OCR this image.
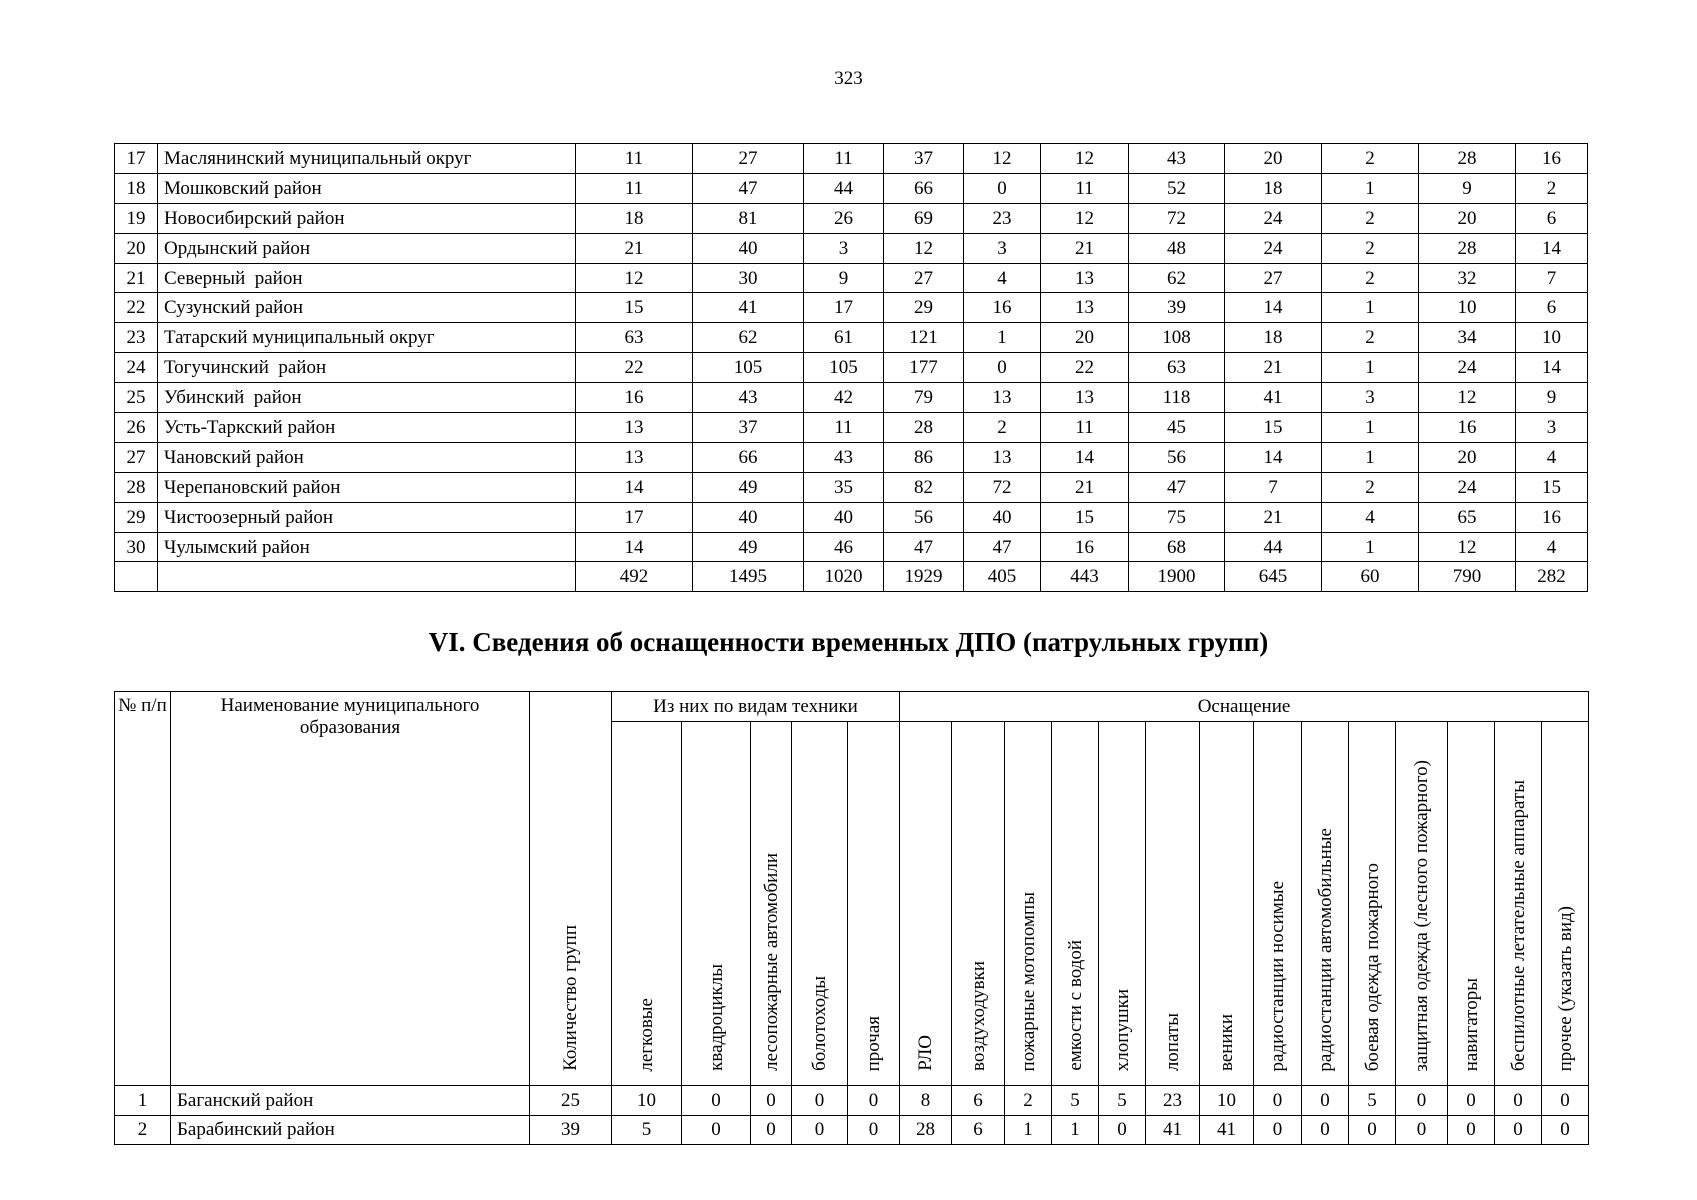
323
17	Маслянинский муниципальный округ	11	27	11	37	12	12	43	20	2	28	16
18	Мошковский район	11	47	44	66	0	11	52	18	1	9	2
19	Новосибирский район	18	81	26	69	23	12	72	24	2	20	6
20	Ордынский район	21	40	3	12	3	21	48	24	2	28	14
21	Северный  район	12	30	9	27	4	13	62	27	2	32	7
22	Сузунский район	15	41	17	29	16	13	39	14	1	10	6
23	Татарский муниципальный округ	63	62	61	121	1	20	108	18	2	34	10
24	Тогучинский  район	22	105	105	177	0	22	63	21	1	24	14
25	Убинский  район	16	43	42	79	13	13	118	41	3	12	9
26	Усть-Таркский район	13	37	11	28	2	11	45	15	1	16	3
27	Чановский район	13	66	43	86	13	14	56	14	1	20	4
28	Черепановский район	14	49	35	82	72	21	47	7	2	24	15
29	Чистоозерный район	17	40	40	56	40	15	75	21	4	65	16
30	Чулымский район	14	49	46	47	47	16	68	44	1	12	4
		492	1495	1020	1929	405	443	1900	645	60	790	282
VI. Сведения об оснащенности временных ДПО (патрульных групп)
№ п/п	Наименование муниципального образования	Количество групп	Из них по видам техники					Оснащение													
			легковые	квадроциклы	лесопожарные автомобили	болотоходы	прочая	РЛО	воздуходувки	пожарные мотопомпы	емкости с водой	хлопушки	лопаты	веники	радиостанции носимые	радиостанции автомобильные	боевая одежда пожарного	защитная одежда (лесного пожарного)	навигаторы	беспилотные летательные аппараты	прочее (указать вид)
1	Баганский район	25	10	0	0	0	0	8	6	2	5	5	23	10	0	0	5	0	0	0	0
2	Барабинский район	39	5	0	0	0	0	28	6	1	1	0	41	41	0	0	0	0	0	0	0
